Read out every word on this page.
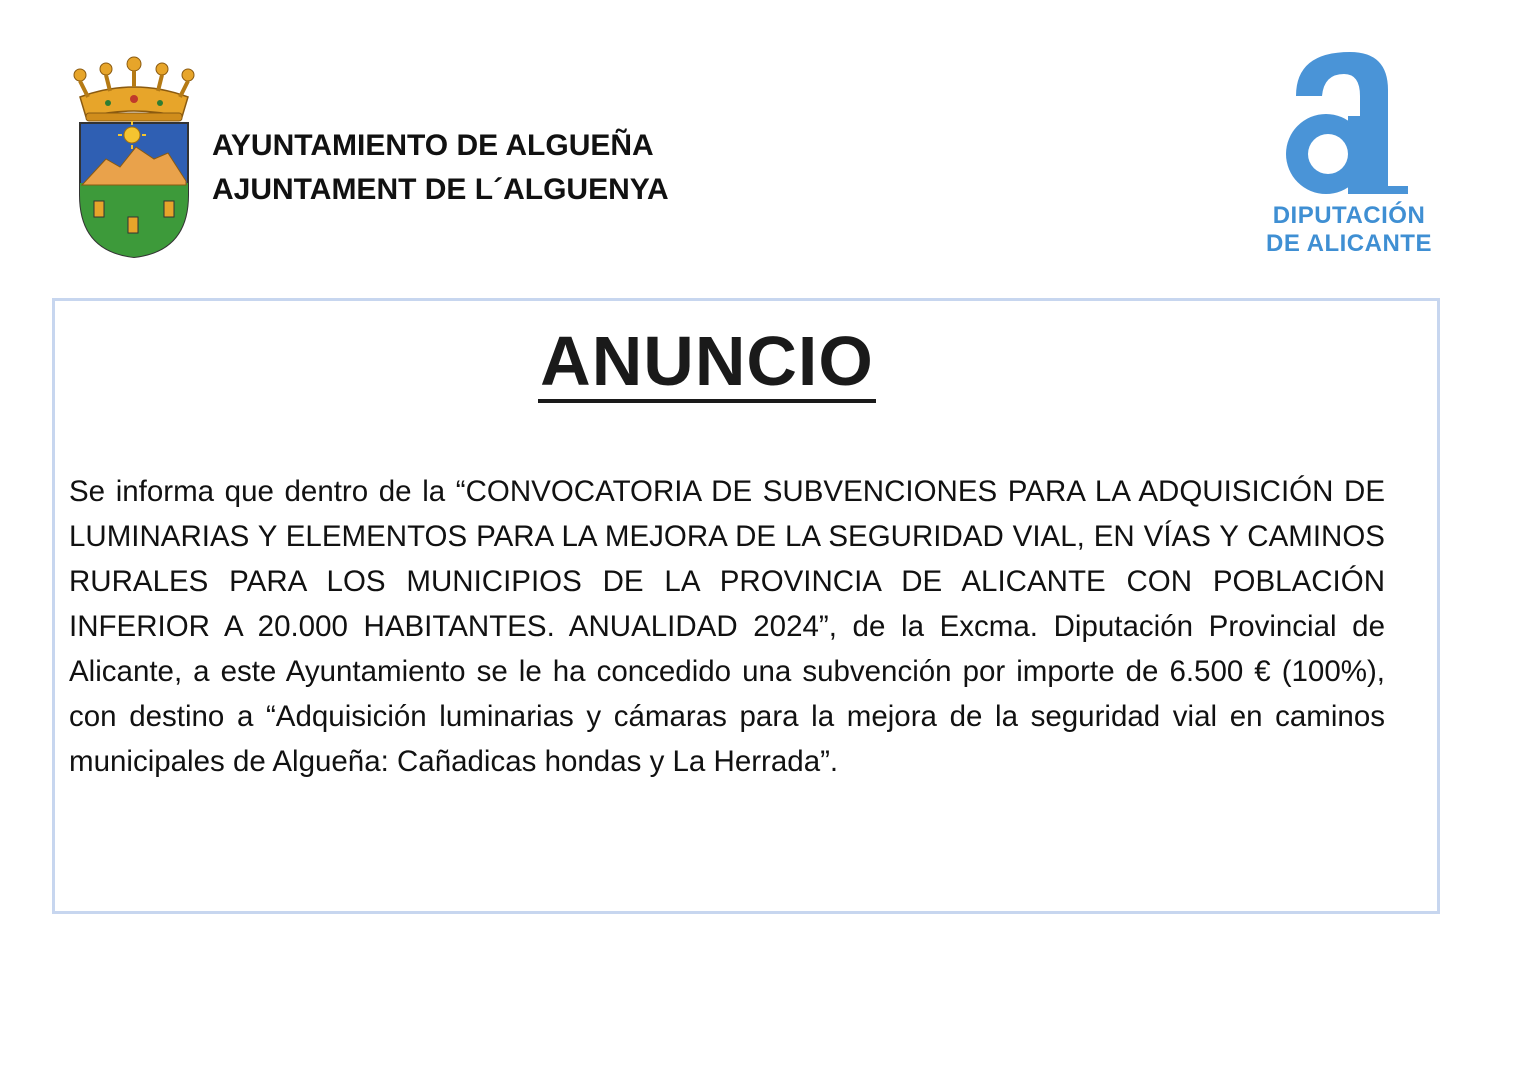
AYUNTAMIENTO DE ALGUEÑA
AJUNTAMENT DE L´ALGUENYA
DIPUTACIÓN
DE ALICANTE
ANUNCIO

Se informa que dentro de la “CONVOCATORIA DE SUBVENCIONES PARA LA ADQUISICIÓN DE LUMINARIAS Y ELEMENTOS PARA LA MEJORA DE LA SEGURIDAD VIAL, EN VÍAS Y CAMINOS RURALES PARA LOS MUNICIPIOS DE LA PROVINCIA DE ALICANTE CON POBLACIÓN INFERIOR A 20.000 HABITANTES. ANUALIDAD 2024”, de la Excma. Diputación Provincial de Alicante, a este Ayuntamiento se le ha concedido una subvención por importe de 6.500 € (100%), con destino a “Adquisición luminarias y cámaras para la mejora de la seguridad vial en caminos municipales de Algueña: Cañadicas hondas y La Herrada”.
